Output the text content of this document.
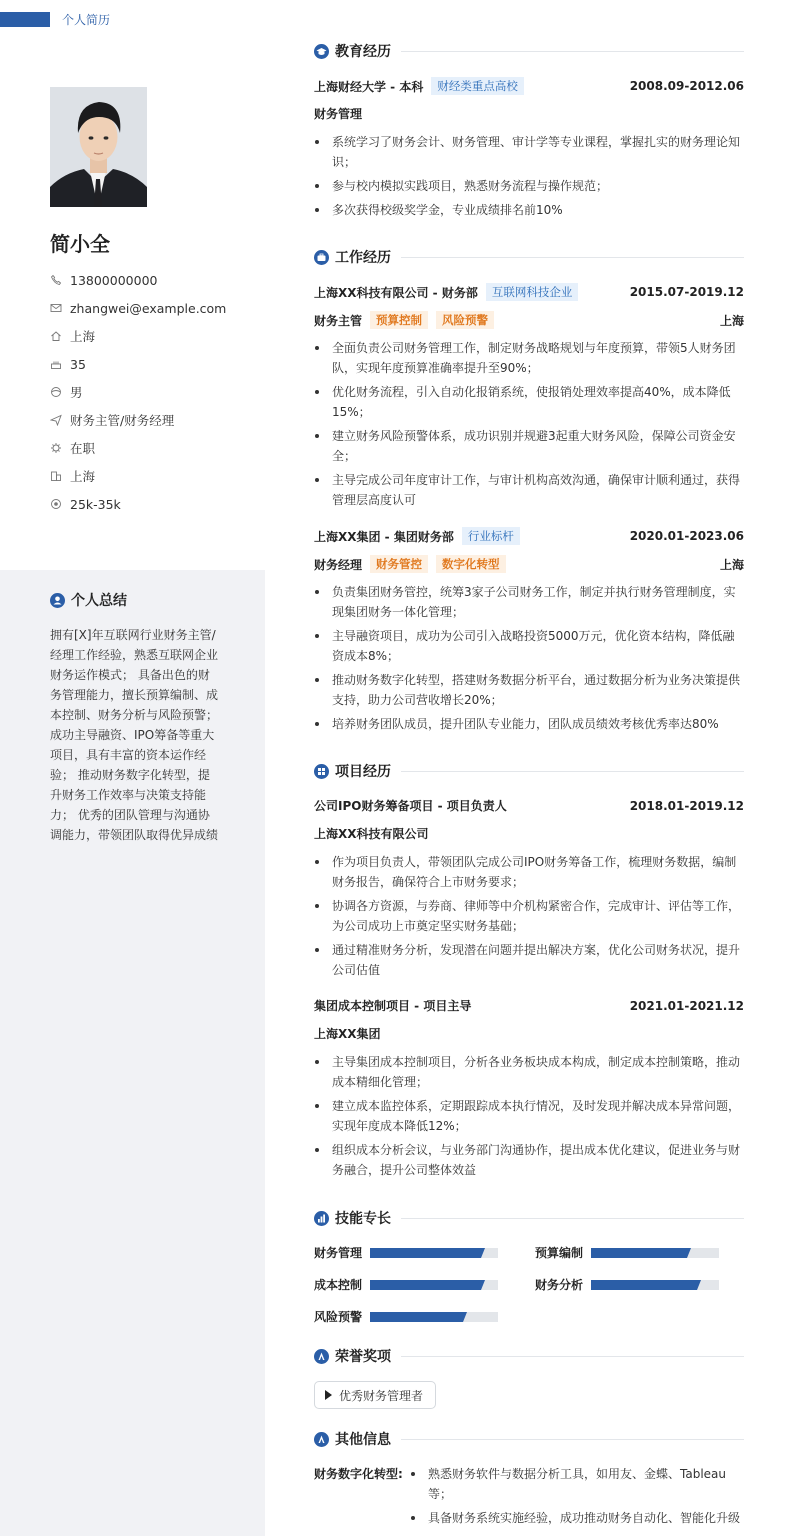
个人简历
简小全
13800000000
zhangwei@example.com
上海
35
男
财务主管/财务经理
在职
上海
25k-35k
个人总结
拥有[X]年互联网行业财务主管/经理工作经验，熟悉互联网企业财务运作模式； 具备出色的财务管理能力，擅长预算编制、成本控制、财务分析与风险预警； 成功主导融资、IPO筹备等重大项目，具有丰富的资本运作经验； 推动财务数字化转型，提升财务工作效率与决策支持能力； 优秀的团队管理与沟通协调能力，带领团队取得优异成绩
教育经历
上海财经大学 - 本科	财经类重点高校	2008.09-2012.06
财务管理
系统学习了财务会计、财务管理、审计学等专业课程，掌握扎实的财务理论知识；
参与校内模拟实践项目，熟悉财务流程与操作规范；
多次获得校级奖学金，专业成绩排名前10%
工作经历
上海XX科技有限公司 - 财务部	互联网科技企业	2015.07-2019.12
财务主管	预算控制	风险预警	上海
全面负责公司财务管理工作，制定财务战略规划与年度预算，带领5人财务团队，实现年度预算准确率提升至90%；
优化财务流程，引入自动化报销系统，使报销处理效率提高40%，成本降低15%；
建立财务风险预警体系，成功识别并规避3起重大财务风险，保障公司资金安全；
主导完成公司年度审计工作，与审计机构高效沟通，确保审计顺利通过，获得管理层高度认可
上海XX集团 - 集团财务部	行业标杆	2020.01-2023.06
财务经理	财务管控	数字化转型	上海
负责集团财务管控，统筹3家子公司财务工作，制定并执行财务管理制度，实现集团财务一体化管理；
主导融资项目，成功为公司引入战略投资5000万元，优化资本结构，降低融资成本8%；
推动财务数字化转型，搭建财务数据分析平台，通过数据分析为业务决策提供支持，助力公司营收增长20%；
培养财务团队成员，提升团队专业能力，团队成员绩效考核优秀率达80%
项目经历
公司IPO财务筹备项目 - 项目负责人	2018.01-2019.12
上海XX科技有限公司
作为项目负责人，带领团队完成公司IPO财务筹备工作，梳理财务数据，编制财务报告，确保符合上市财务要求；
协调各方资源，与券商、律师等中介机构紧密合作，完成审计、评估等工作，为公司成功上市奠定坚实财务基础；
通过精准财务分析，发现潜在问题并提出解决方案，优化公司财务状况，提升公司估值
集团成本控制项目 - 项目主导	2021.01-2021.12
上海XX集团
主导集团成本控制项目，分析各业务板块成本构成，制定成本控制策略，推动成本精细化管理；
建立成本监控体系，定期跟踪成本执行情况，及时发现并解决成本异常问题，实现年度成本降低12%；
组织成本分析会议，与业务部门沟通协作，提出成本优化建议，促进业务与财务融合，提升公司整体效益
技能专长
财务管理	预算编制
成本控制	财务分析
风险预警
荣誉奖项
优秀财务管理者
其他信息
财务数字化转型:	熟悉财务软件与数据分析工具，如用友、金蝶、Tableau等；
具备财务系统实施经验，成功推动财务自动化、智能化升级
